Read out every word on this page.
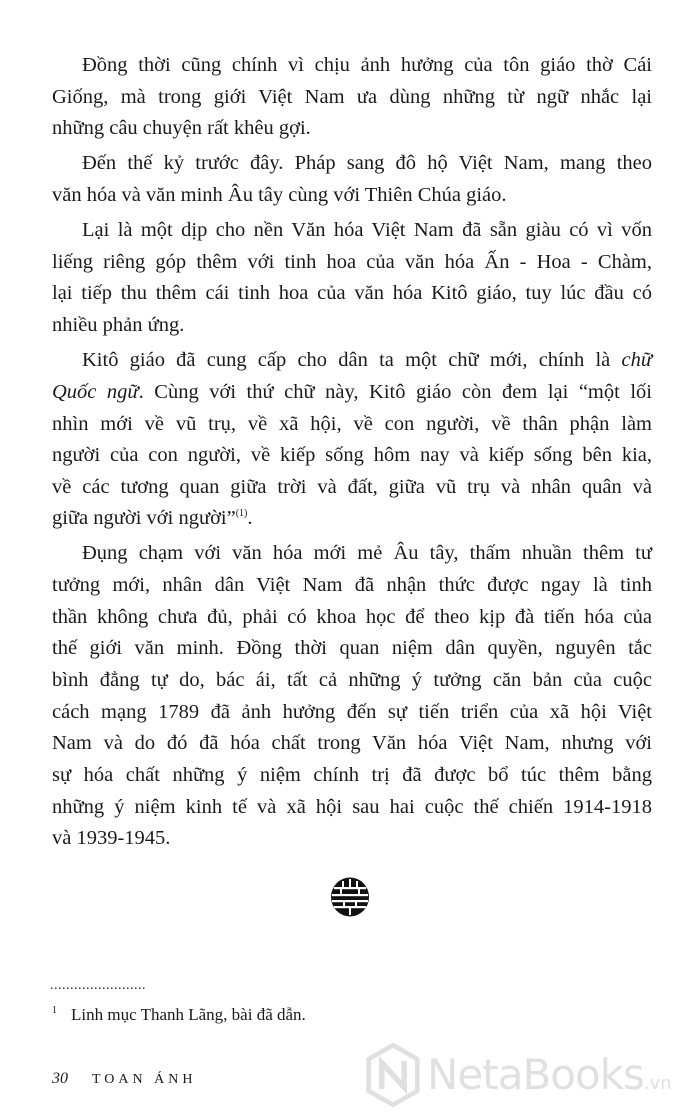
Đồng thời cũng chính vì chịu ảnh hưởng của tôn giáo thờ Cái
Giống, mà trong giới Việt Nam ưa dùng những từ ngữ nhắc lại
những câu chuyện rất khêu gợi.
Đến thế kỷ trước đây. Pháp sang đô hộ Việt Nam, mang theo
văn hóa và văn minh Âu tây cùng với Thiên Chúa giáo.
Lại là một dịp cho nền Văn hóa Việt Nam đã sẵn giàu có vì vốn
liếng riêng góp thêm với tinh hoa của văn hóa Ấn - Hoa - Chàm,
lại tiếp thu thêm cái tinh hoa của văn hóa Kitô giáo, tuy lúc đầu có
nhiều phản ứng.
Kitô giáo đã cung cấp cho dân ta một chữ mới, chính là chữ
Quốc ngữ. Cùng với thứ chữ này, Kitô giáo còn đem lại “một lối
nhìn mới về vũ trụ, về xã hội, về con người, về thân phận làm
người của con người, về kiếp sống hôm nay và kiếp sống bên kia,
về các tương quan giữa trời và đất, giữa vũ trụ và nhân quân và
giữa người với người”$^{(1)}$.
Đụng chạm với văn hóa mới mẻ Âu tây, thấm nhuần thêm tư
tưởng mới, nhân dân Việt Nam đã nhận thức được ngay là tinh
thần không chưa đủ, phải có khoa học để theo kịp đà tiến hóa của
thế giới văn minh. Đồng thời quan niệm dân quyền, nguyên tắc
bình đẳng tự do, bác ái, tất cả những ý tưởng căn bản của cuộc
cách mạng 1789 đã ảnh hưởng đến sự tiến triển của xã hội Việt
Nam và do đó đã hóa chất trong Văn hóa Việt Nam, nhưng với
sự hóa chất những ý niệm chính trị đã được bổ túc thêm bằng
những ý niệm kinh tế và xã hội sau hai cuộc thế chiến 1914-1918
và 1939-1945.
........................
$^1$ Linh mục Thanh Lãng, bài đã dẫn.
30 TOAN ÁNH	NetaBooks.vn
